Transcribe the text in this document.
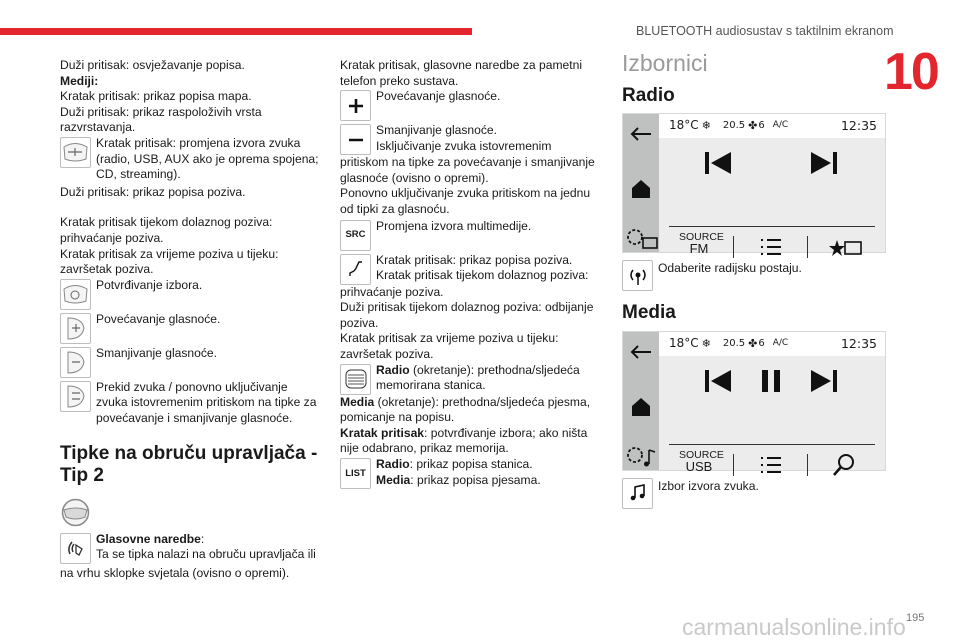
BLUETOOTH audiosustav s taktilnim ekranom
10
Duži pritisak: osvježavanje popisa.
Mediji:
Kratak pritisak: prikaz popisa mapa.
Duži pritisak: prikaz raspoloživih vrsta razvrstavanja.
Kratak pritisak: promjena izvora zvuka
(radio, USB, AUX ako je oprema spojena; CD, streaming).
Duži pritisak: prikaz popisa poziva.
Kratak pritisak tijekom dolaznog poziva: prihvaćanje poziva.
Kratak pritisak za vrijeme poziva u tijeku: završetak poziva.
Potvrđivanje izbora.
Povećavanje glasnoće.
Smanjivanje glasnoće.
Prekid zvuka / ponovno uključivanje
zvuka istovremenim pritiskom na tipke za povećavanje i smanjivanje glasnoće.
Tipke na obruču upravljača - Tip 2
Glasovne naredbe:
Ta se tipka nalazi na obruču upravljača ili
na vrhu sklopke svjetala (ovisno o opremi).
Kratak pritisak, glasovne naredbe za pametni telefon preko sustava.
Povećavanje glasnoće.
Smanjivanje glasnoće.
Isključivanje zvuka istovremenim
pritiskom na tipke za povećavanje i smanjivanje glasnoće (ovisno o opremi).
Ponovno uključivanje zvuka pritiskom na jednu od tipki za glasnoću.
SRC
Promjena izvora multimedije.
Kratak pritisak: prikaz popisa poziva.
Kratak pritisak tijekom dolaznog poziva:
prihvaćanje poziva.
Duži pritisak tijekom dolaznog poziva: odbijanje poziva.
Kratak pritisak za vrijeme poziva u tijeku: završetak poziva.
Radio (okretanje): prethodna/sljedeća
memorirana stanica.
Media (okretanje): prethodna/sljedeća pjesma, pomicanje na popisu.
Kratak pritisak: potvrđivanje izbora; ako ništa nije odabrano, prikaz memorija.
LIST
Radio: prikaz popisa stanica.
Media: prikaz popisa pjesama.
Izbornici
Radio
18°C ❄ 20.5 ✤ 6 A/C	12:35
SOURCE
FM
Odaberite radijsku postaju.
Media
18°C ❄ 20.5 ✤ 6 A/C	12:35
SOURCE
USB
Izbor izvora zvuka.
carmanualsonline.info 195
